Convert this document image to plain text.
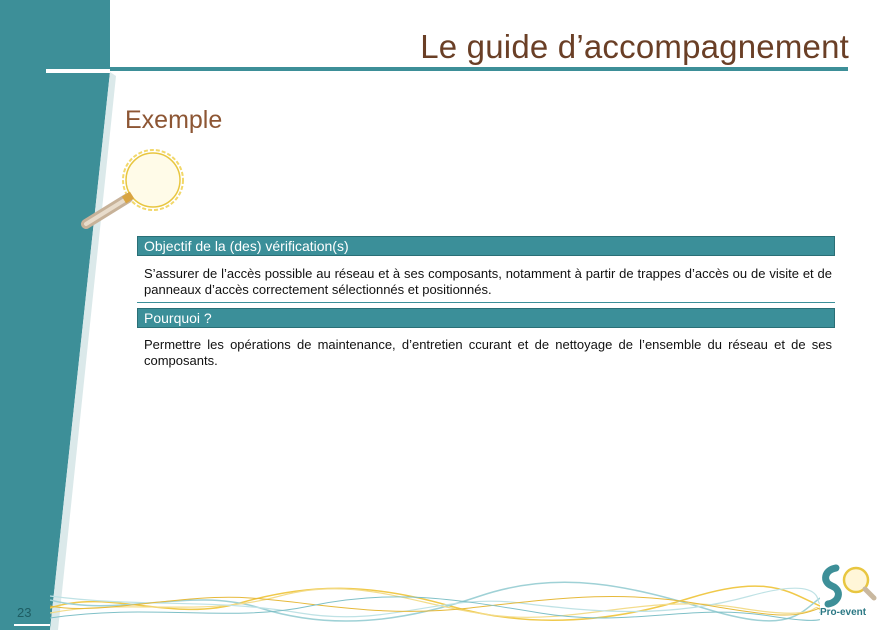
Le guide d’accompagnement
Exemple
Objectif de la (des) vérification(s)
S’assurer de l’accès possible au réseau et à ses composants, notamment à partir de trappes d’accès ou de visite et de panneaux d’accès correctement sélectionnés et positionnés.
Pourquoi ?
Permettre les opérations de maintenance, d’entretien ccurant et de nettoyage de l’ensemble du réseau et de ses composants.
23	Pro-event
